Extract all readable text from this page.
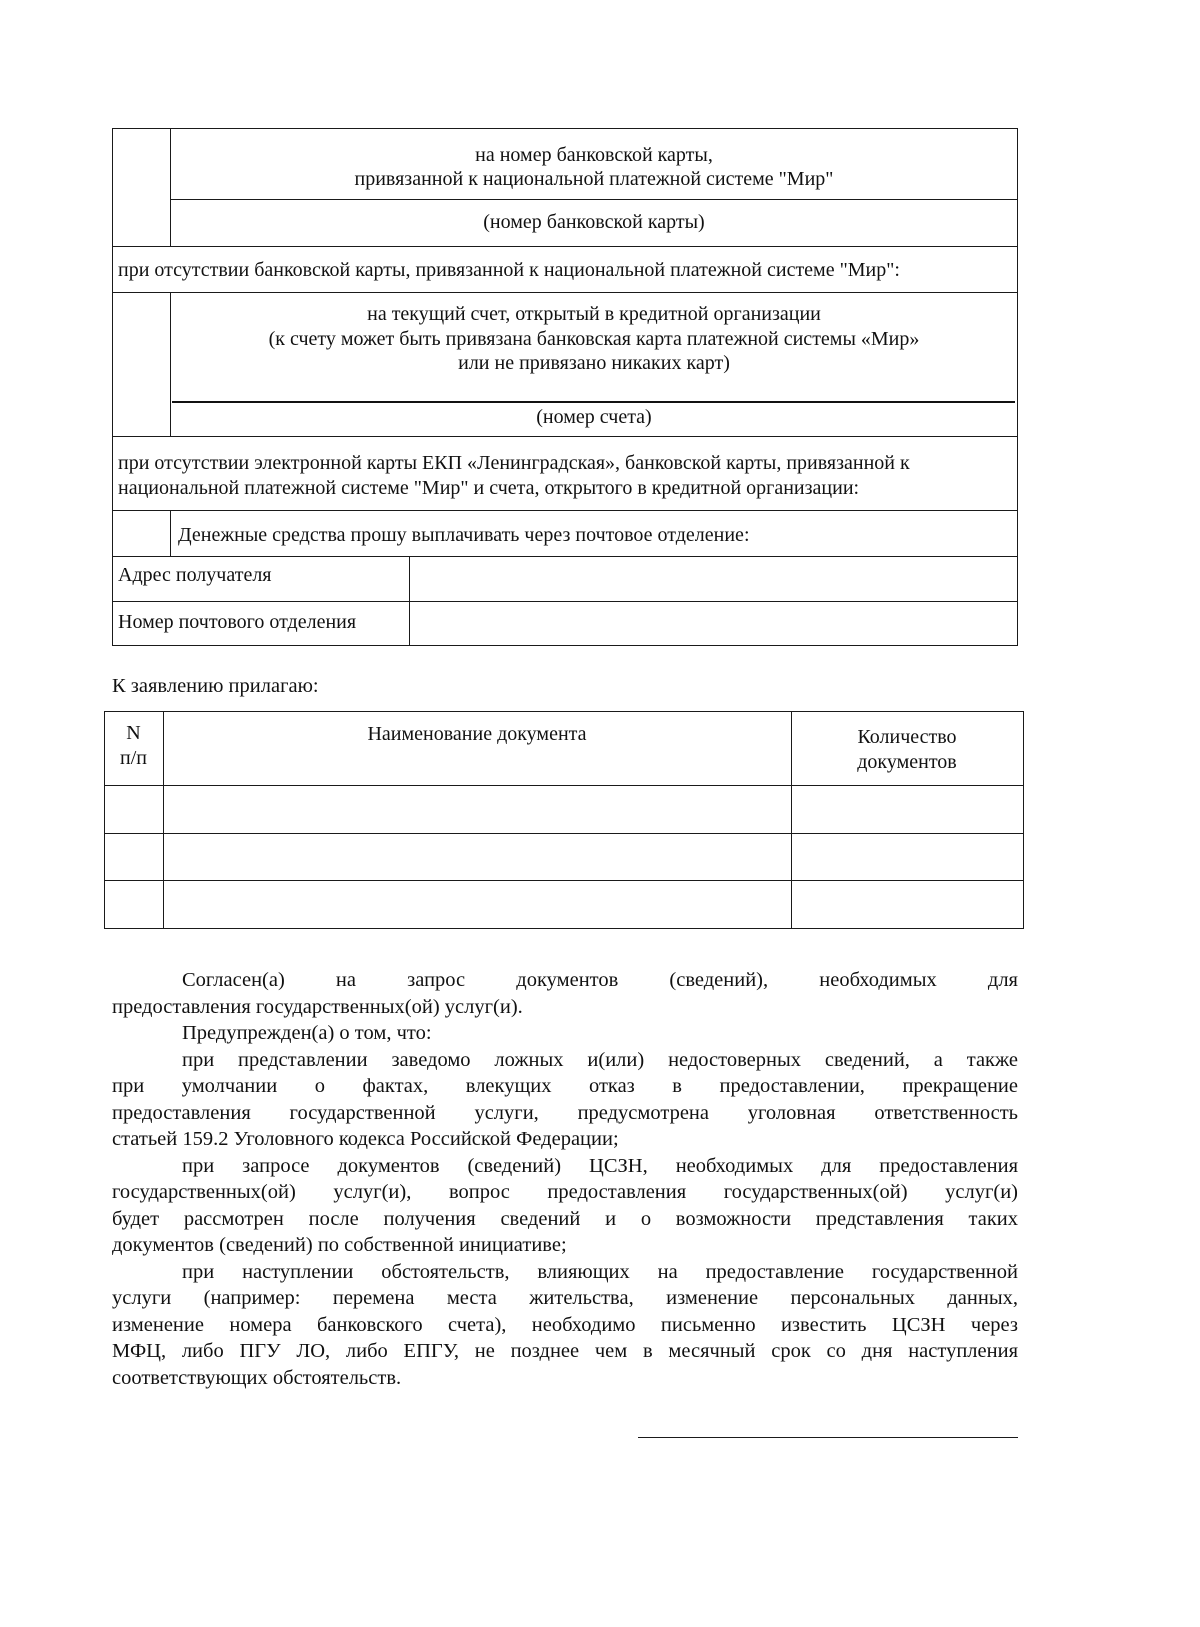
на номер банковской карты,
привязанной к национальной платежной системе "Мир"
(номер банковской карты)
при отсутствии банковской карты, привязанной к национальной платежной системе "Мир":
на текущий счет, открытый в кредитной организации
(к счету может быть привязана банковская карта платежной системы «Мир»
или не привязано никаких карт)
(номер счета)
при отсутствии электронной карты ЕКП «Ленинградская», банковской карты, привязанной к
национальной платежной системе "Мир" и счета, открытого в кредитной организации:
Денежные средства прошу выплачивать через почтовое отделение:
Адрес получателя
Номер почтового отделения
К заявлению прилагаю:
N
п/п
Наименование документа	Количество
документов
Согласен(а) на запрос документов (сведений), необходимых для
предоставления государственных(ой) услуг(и).
Предупрежден(а) о том, что:
при представлении заведомо ложных и(или) недостоверных сведений, а также
при умолчании о фактах, влекущих отказ в предоставлении, прекращение
предоставления государственной услуги, предусмотрена уголовная ответственность
статьей 159.2 Уголовного кодекса Российской Федерации;
при запросе документов (сведений) ЦСЗН, необходимых для предоставления
государственных(ой) услуг(и), вопрос предоставления государственных(ой) услуг(и)
будет рассмотрен после получения сведений и о возможности представления таких
документов (сведений) по собственной инициативе;
при наступлении обстоятельств, влияющих на предоставление государственной
услуги (например: перемена места жительства, изменение персональных данных,
изменение номера банковского счета), необходимо письменно известить ЦСЗН через
МФЦ, либо ПГУ ЛО, либо ЕПГУ, не позднее чем в месячный срок со дня наступления
соответствующих обстоятельств.
